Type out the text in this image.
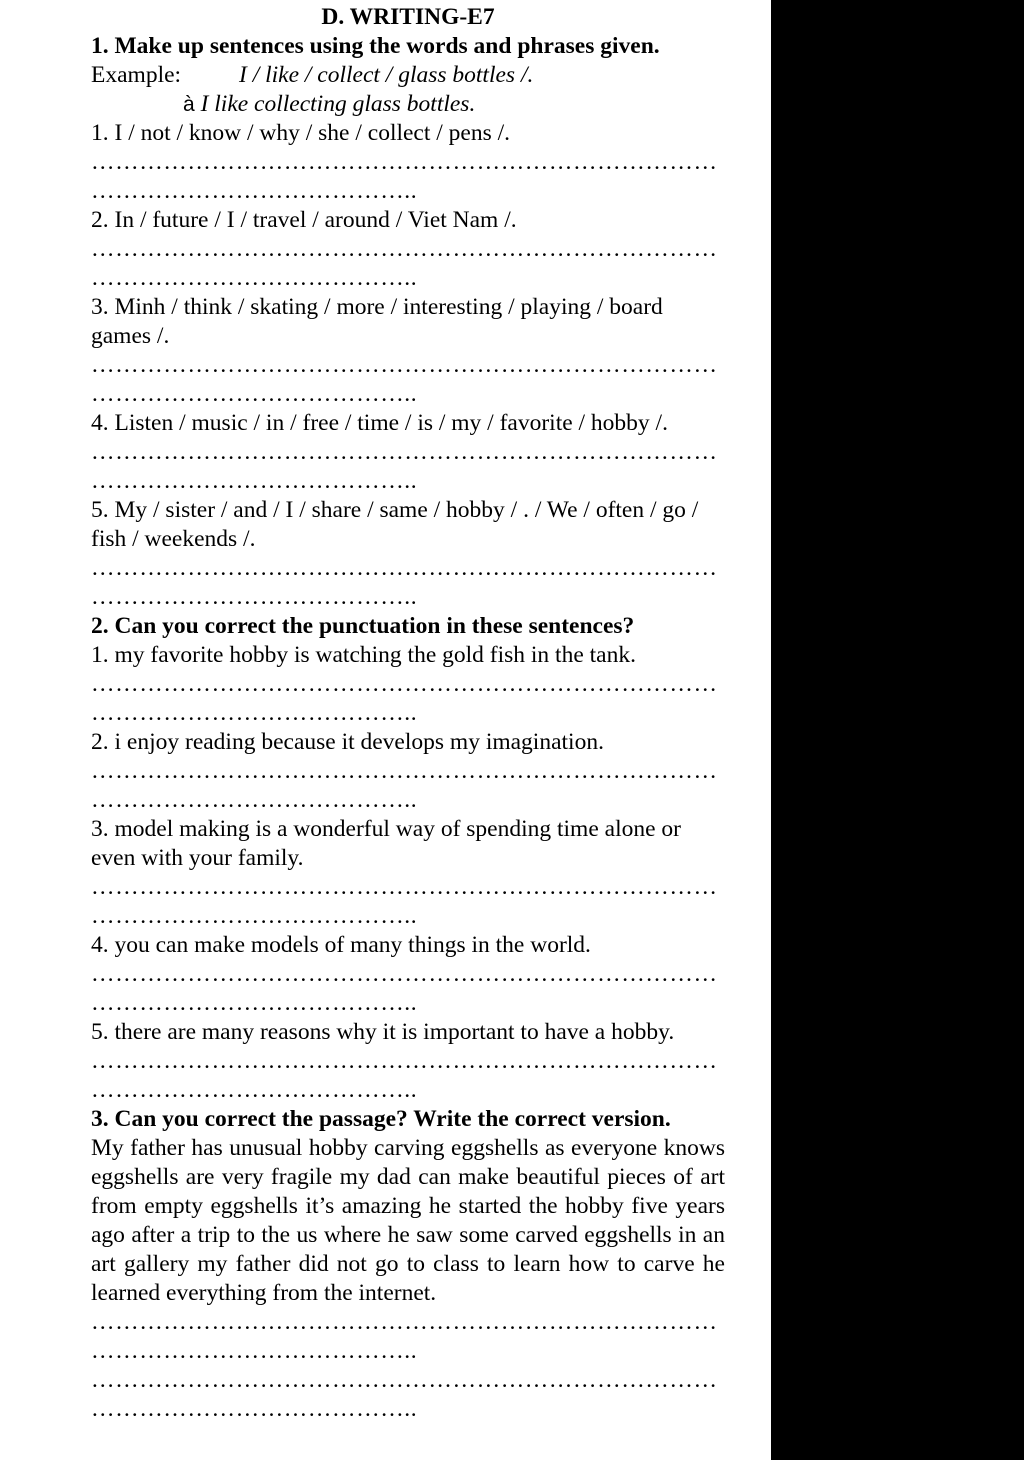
D. WRITING-E7
1. Make up sentences using the words and phrases given.
Example: I / like / collect / glass bottles /.
à I like collecting glass bottles.
1. I / not / know / why / she / collect / pens /.
……………………………………………………………………
…………………………………..
2. In / future / I / travel / around / Viet Nam /.
……………………………………………………………………
…………………………………..
3. Minh / think / skating / more / interesting / playing / board games /.
……………………………………………………………………
…………………………………..
4. Listen / music / in / free / time / is / my / favorite / hobby /.
……………………………………………………………………
…………………………………..
5. My / sister / and / I / share / same / hobby / . / We / often / go / fish / weekends /.
……………………………………………………………………
…………………………………..
2. Can you correct the punctuation in these sentences?
1. my favorite hobby is watching the gold fish in the tank.
……………………………………………………………………
…………………………………..
2. i enjoy reading because it develops my imagination.
……………………………………………………………………
…………………………………..
3. model making is a wonderful way of spending time alone or even with your family.
……………………………………………………………………
…………………………………..
4. you can make models of many things in the world.
……………………………………………………………………
…………………………………..
5. there are many reasons why it is important to have a hobby.
……………………………………………………………………
…………………………………..
3. Can you correct the passage? Write the correct version.
My father has unusual hobby carving eggshells as everyone knows eggshells are very fragile my dad can make beautiful pieces of art from empty eggshells it’s amazing he started the hobby five years ago after a trip to the us where he saw some carved eggshells in an art gallery my father did not go to class to learn how to carve he learned everything from the internet.
……………………………………………………………………
…………………………………..
……………………………………………………………………
…………………………………..
